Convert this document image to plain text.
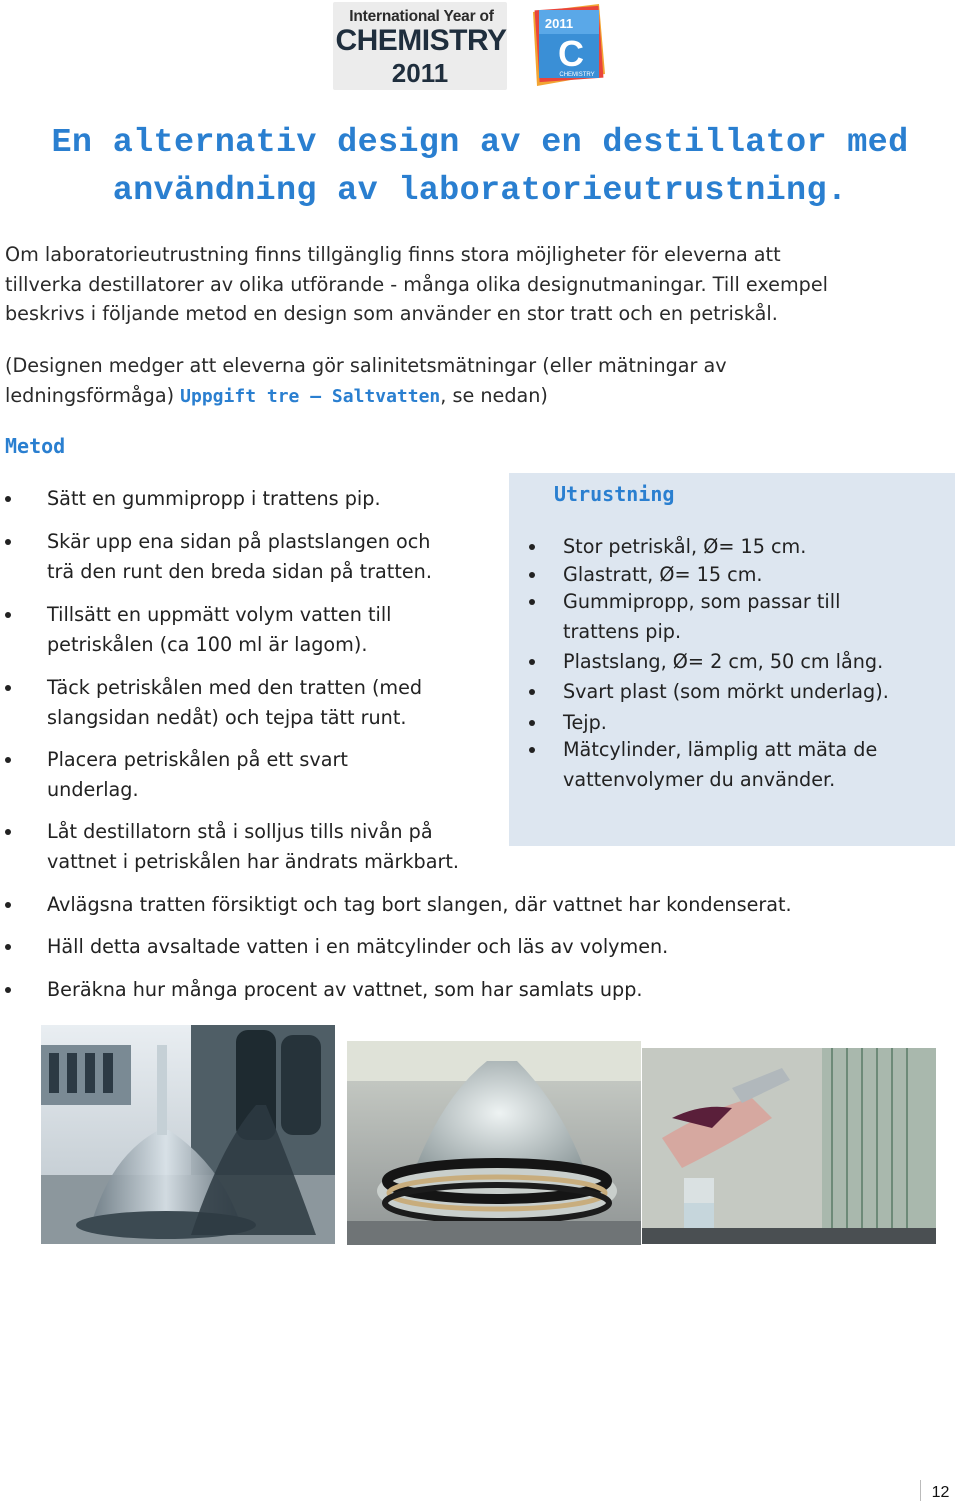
International Year of
CHEMISTRY
2011
2011
C
CHEMISTRY
En alternativ design av en destillator med
användning av laboratorieutrustning.
Om laboratorieutrustning finns tillgänglig finns stora möjligheter för eleverna att
tillverka destillatorer av olika utförande - många olika designutmaningar. Till exempel
beskrivs i följande metod en design som använder en stor tratt och en petriskål.
(Designen medger att eleverna gör salinitetsmätningar (eller mätningar av
ledningsförmåga) Uppgift tre – Saltvatten, se nedan)
Metod
Sätt en gummipropp i trattens pip.
Skär upp ena sidan på plastslangen och
trä den runt den breda sidan på tratten.
Tillsätt en uppmätt volym vatten till
petriskålen (ca 100 ml är lagom).
Täck petriskålen med den tratten (med
slangsidan nedåt) och tejpa tätt runt.
Placera petriskålen på ett svart
underlag.
Låt destillatorn stå i solljus tills nivån på
vattnet i petriskålen har ändrats märkbart.
Avlägsna tratten försiktigt och tag bort slangen, där vattnet har kondenserat.
Häll detta avsaltade vatten i en mätcylinder och läs av volymen.
Beräkna hur många procent av vattnet, som har samlats upp.
Utrustning
Stor petriskål, Ø= 15 cm.
Glastratt, Ø= 15 cm.
Gummipropp, som passar till
trattens pip.
Plastslang, Ø= 2 cm, 50 cm lång.
Svart plast (som mörkt underlag).
Tejp.
Mätcylinder, lämplig att mäta de
vattenvolymer du använder.
12
